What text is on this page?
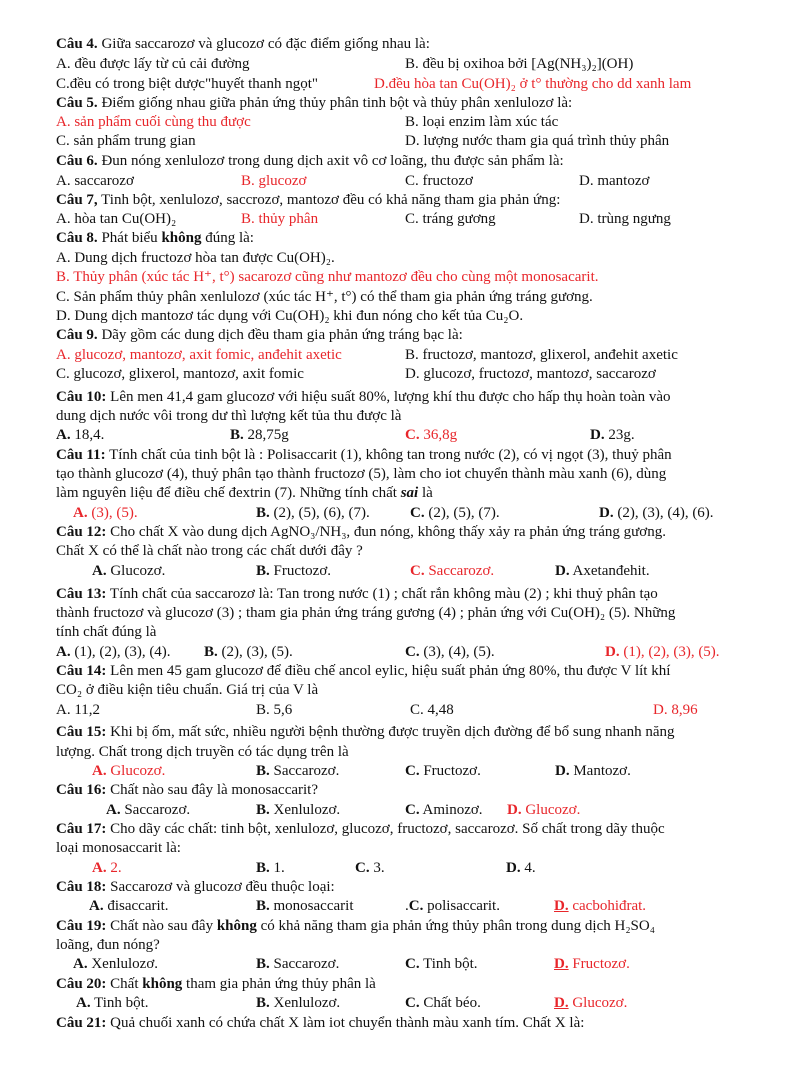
Câu 4. Giữa saccarozơ và glucozơ có đặc điểm giống nhau là:
A. đều được lấy từ củ cải đường	B. đều bị oxihoa bởi [Ag(NH₃)₂](OH)
C.đều có trong biệt dược"huyết thanh ngọt"	D.đều hòa tan Cu(OH)₂ ở t° thường cho dd xanh lam
Câu 5. Điểm giống nhau giữa phản ứng thủy phân tinh bột và thủy phân xenlulozơ là:
A. sản phẩm cuối cùng thu được	B. loại enzim làm xúc tác
C. sản phẩm trung gian	D. lượng nước tham gia quá trình thủy phân
Câu 6. Đun nóng xenlulozơ trong dung dịch axit vô cơ loãng, thu được sản phẩm là:
A. saccarozơ	B. glucozơ	C. fructozơ	D. mantozơ
Câu 7, Tinh bột, xenlulozơ, saccrozơ, mantozơ đều có khả năng tham gia phản ứng:
A. hòa tan Cu(OH)₂	B. thủy phân	C. tráng gương	D. trùng ngưng
Câu 8. Phát biểu không đúng là:
A. Dung dịch fructozơ hòa tan được Cu(OH)₂.
B. Thủy phân (xúc tác H⁺, t°) sacarozơ cũng như mantozơ đều cho cùng một monosacarit.
C. Sản phẩm thủy phân xenlulozơ (xúc tác H⁺, t°) có thể tham gia phản ứng tráng gương.
D. Dung dịch mantozơ tác dụng với Cu(OH)₂ khi đun nóng cho kết tủa Cu₂O.
Câu 9. Dãy gồm các dung dịch đều tham gia phản ứng tráng bạc là:
A. glucozơ, mantozơ, axit fomic, anđehit axetic	B. fructozơ, mantozơ, glixerol, anđehit axetic
C. glucozơ, glixerol, mantozơ, axit fomic	D. glucozơ, fructozơ, mantozơ, saccarozơ
Câu 10: Lên men 41,4 gam glucozơ với hiệu suất 80%, lượng khí thu được cho hấp thụ hoàn toàn vào
dung dịch nước vôi trong dư thì lượng kết tủa thu được là
A. 18,4.	B. 28,75g	C. 36,8g	D. 23g.
Câu 11: Tính chất của tinh bột là : Polisaccarit (1), không tan trong nước (2), có vị ngọt (3), thuỷ phân
tạo thành glucozơ (4), thuỷ phân tạo thành fructozơ (5), làm cho iot chuyển thành màu xanh (6), dùng
làm nguyên liệu để điều chế đextrin (7). Những tính chất sai là
A. (3), (5).	B. (2), (5), (6), (7).	C. (2), (5), (7).	D. (2), (3), (4), (6).
Câu 12: Cho chất X vào dung dịch AgNO₃/NH₃, đun nóng, không thấy xảy ra phản ứng tráng gương.
Chất X có thể là chất nào trong các chất dưới đây ?
A. Glucozơ.	B. Fructozơ.	C. Saccarozơ.	D. Axetanđehit.
Câu 13: Tính chất của saccarozơ là: Tan trong nước (1) ; chất rắn không màu (2) ; khi thuỷ phân tạo
thành fructozơ và glucozơ (3) ; tham gia phản ứng tráng gương (4) ; phản ứng với Cu(OH)₂ (5). Những
tính chất đúng là
A. (1), (2), (3), (4). B. (2), (3), (5).	C. (3), (4), (5).	D. (1), (2), (3), (5).
Câu 14: Lên men 45 gam glucozơ để điều chế ancol eylic, hiệu suất phản ứng 80%, thu được V lít khí
CO₂ ở điều kiện tiêu chuẩn. Giá trị của V là
A. 11,2	B. 5,6	C. 4,48	D. 8,96
Câu 15: Khi bị ốm, mất sức, nhiều người bệnh thường được truyền dịch đường để bổ sung nhanh năng
lượng. Chất trong dịch truyền có tác dụng trên là
A. Glucozơ.	B. Saccarozơ.	C. Fructozơ.	D. Mantozơ.
Câu 16: Chất nào sau đây là monosaccarit?
A. Saccarozơ.	B. Xenlulozơ.	C. Aminozơ. D. Glucozơ.
Câu 17: Cho dãy các chất: tinh bột, xenlulozơ, glucozơ, fructozơ, saccarozơ. Số chất trong dãy thuộc
loại monosaccarit là:
A. 2.	B. 1.	C. 3.	D. 4.
Câu 18: Saccarozơ và glucozơ đều thuộc loại:
A. đisaccarit.	B. monosaccarit	.C. polisaccarit.	D. cacbohiđrat.
Câu 19: Chất nào sau đây không có khả năng tham gia phản ứng thủy phân trong dung dịch H₂SO₄
loãng, đun nóng?
A. Xenlulozơ.	B. Saccarozơ.	C. Tinh bột.	D. Fructozơ.
Câu 20: Chất không tham gia phản ứng thủy phân là
A. Tinh bột.	B. Xenlulozơ.	C. Chất béo.	D. Glucozơ.
Câu 21: Quả chuối xanh có chứa chất X làm iot chuyển thành màu xanh tím. Chất X là:
